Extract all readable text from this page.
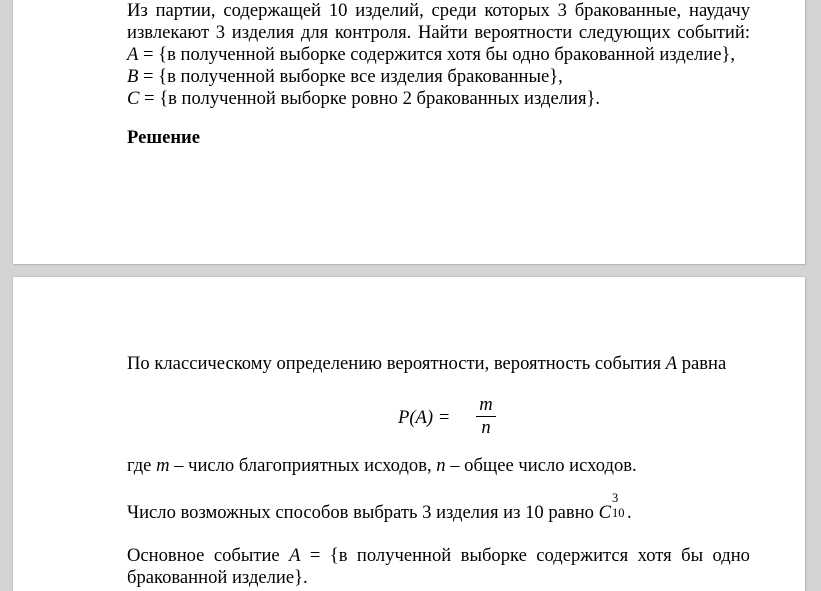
Из партии, содержащей 10 изделий, среди которых 3 бракованные, наудачу
извлекают 3 изделия для контроля. Найти вероятности следующих событий:
A = {в полученной выборке содержится хотя бы одно бракованной изделие},
B = {в полученной выборке все изделия бракованные},
C = {в полученной выборке ровно 2 бракованных изделия}.
Решение
По классическому определению вероятности, вероятность события A равна
P(A) =
m
n
где m – число благоприятных исходов, n – общее число исходов.
Число возможных способов выбрать 3 изделия из 10 равно C
3
10 .
Основное событие A = {в полученной выборке содержится хотя бы одно
бракованной изделие}.
